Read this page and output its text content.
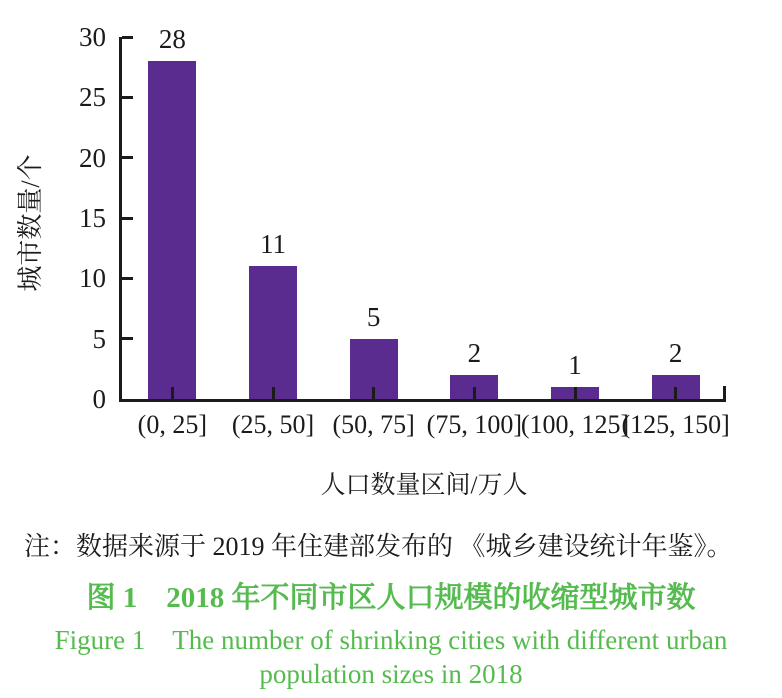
城市数量/个
人口数量区间/万人
注：数据来源于 2019 年住建部发布的 《城乡建设统计年鉴》。
图 1　2018 年不同市区人口规模的收缩型城市数
Figure 1　The number of shrinking cities with different urban
population sizes in 2018
0
5
10
15
20
25
30	28
(0, 25]
11
(25, 50]
5
(50, 75]
2
(75, 100]
1
(100, 125]
2
(125, 150]
